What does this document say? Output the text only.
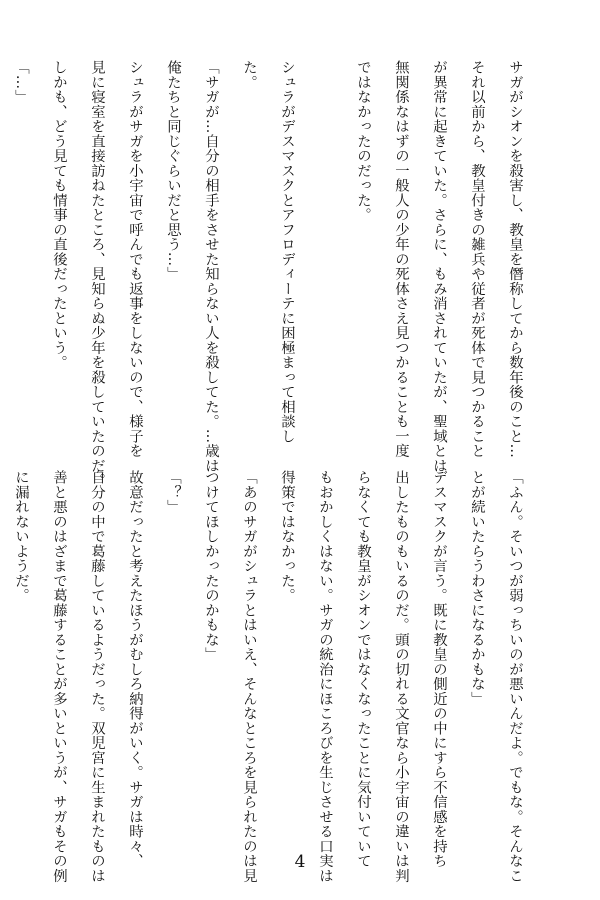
サガがシオンを殺害し、教皇を僭称してから数年後のこと…
それ以前から、教皇付きの雑兵や従者が死体で見つかること
が異常に起きていた。さらに、もみ消されていたが、聖域とは
無関係なはずの一般人の少年の死体さえ見つかることも一度
ではなかったのだった。
シュラがデスマスクとアフロディーテに困極まって相談し
た。
「サガが…自分の相手をさせた知らない人を殺してた。…歳は
俺たちと同じぐらいだと思う…」
シュラがサガを小宇宙で呼んでも返事をしないので、様子を
見に寝室を直接訪ねたところ、見知らぬ少年を殺していたのだ。
しかも、どう見ても情事の直後だったという。
「…」
「ふん。そいつが弱っちいのが悪いんだよ。でもな。そんなこ
とが続いたらうわさになるかもな」
デスマスクが言う。既に教皇の側近の中にすら不信感を持ち
出したものもいるのだ。頭の切れる文官なら小宇宙の違いは判
らなくても教皇がシオンではなくなったことに気付いていて
もおかしくはない。サガの統治にほころびを生じさせる口実は
得策ではなかった。
「あのサガがシュラとはいえ、そんなところを見られたのは見
つけてほしかったのかもな」
「？」
故意だったと考えたほうがむしろ納得がいく。サガは時々、
自分の中で葛藤しているようだった。双児宮に生まれたものは
善と悪のはざまで葛藤することが多いというが、サガもその例
に漏れないようだ。
4
